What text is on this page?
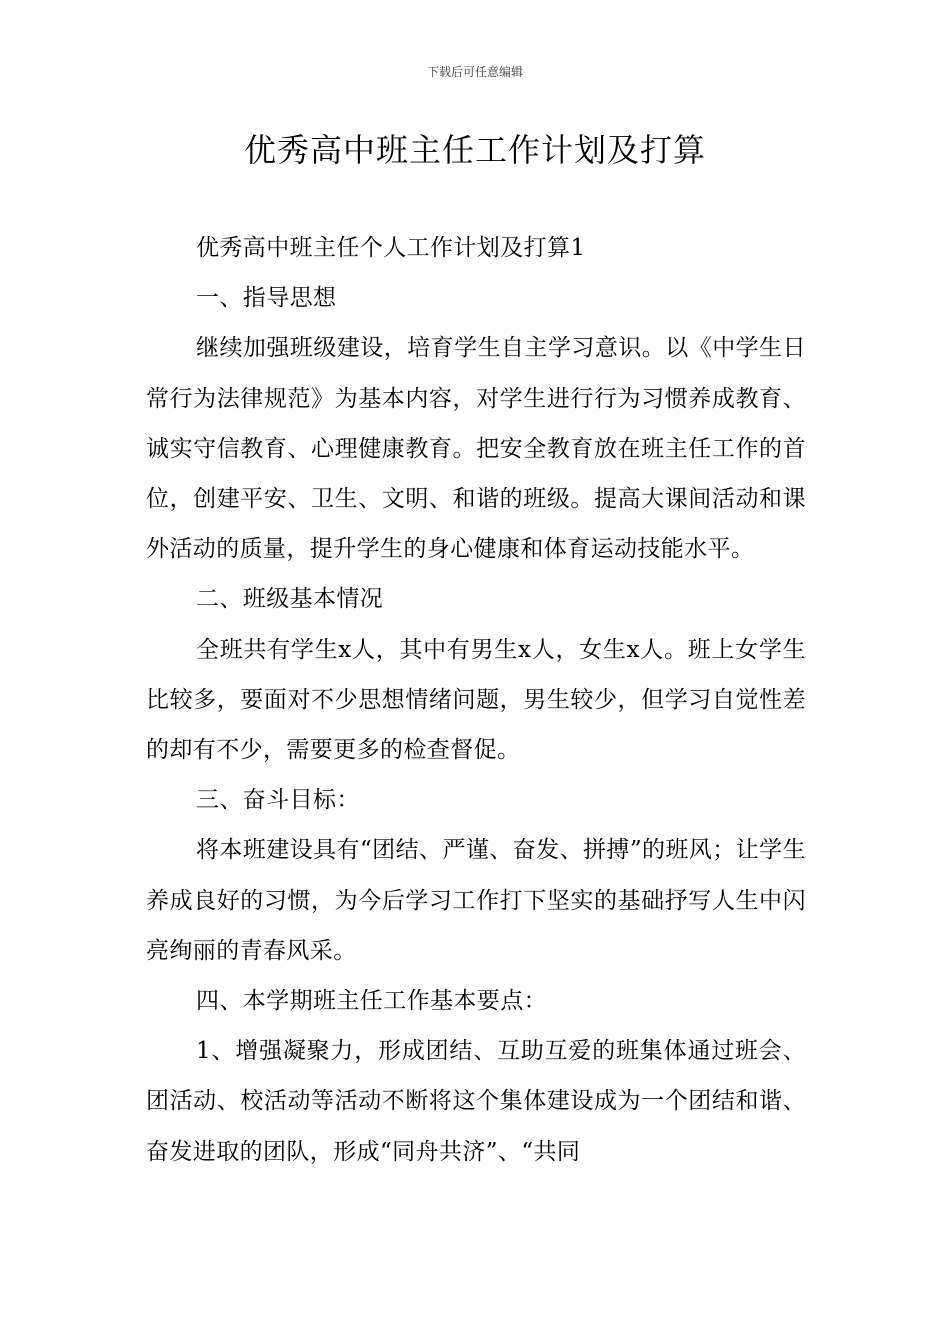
下载后可任意编辑
优秀高中班主任工作计划及打算

优秀高中班主任个人工作计划及打算1

一、指导思想

继续加强班级建设，培育学生自主学习意识。以《中学生日常行为法律规范》为基本内容，对学生进行行为习惯养成教育、诚实守信教育、心理健康教育。把安全教育放在班主任工作的首位，创建平安、卫生、文明、和谐的班级。提高大课间活动和课外活动的质量，提升学生的身心健康和体育运动技能水平。

二、班级基本情况

全班共有学生x人，其中有男生x人，女生x人。班上女学生比较多，要面对不少思想情绪问题，男生较少，但学习自觉性差的却有不少，需要更多的检查督促。

三、奋斗目标：

将本班建设具有“团结、严谨、奋发、拼搏”的班风；让学生养成良好的习惯，为今后学习工作打下坚实的基础抒写人生中闪亮绚丽的青春风采。

四、本学期班主任工作基本要点：

1、增强凝聚力，形成团结、互助互爱的班集体通过班会、团活动、校活动等活动不断将这个集体建设成为一个团结和谐、奋发进取的团队，形成“同舟共济”、“共同
